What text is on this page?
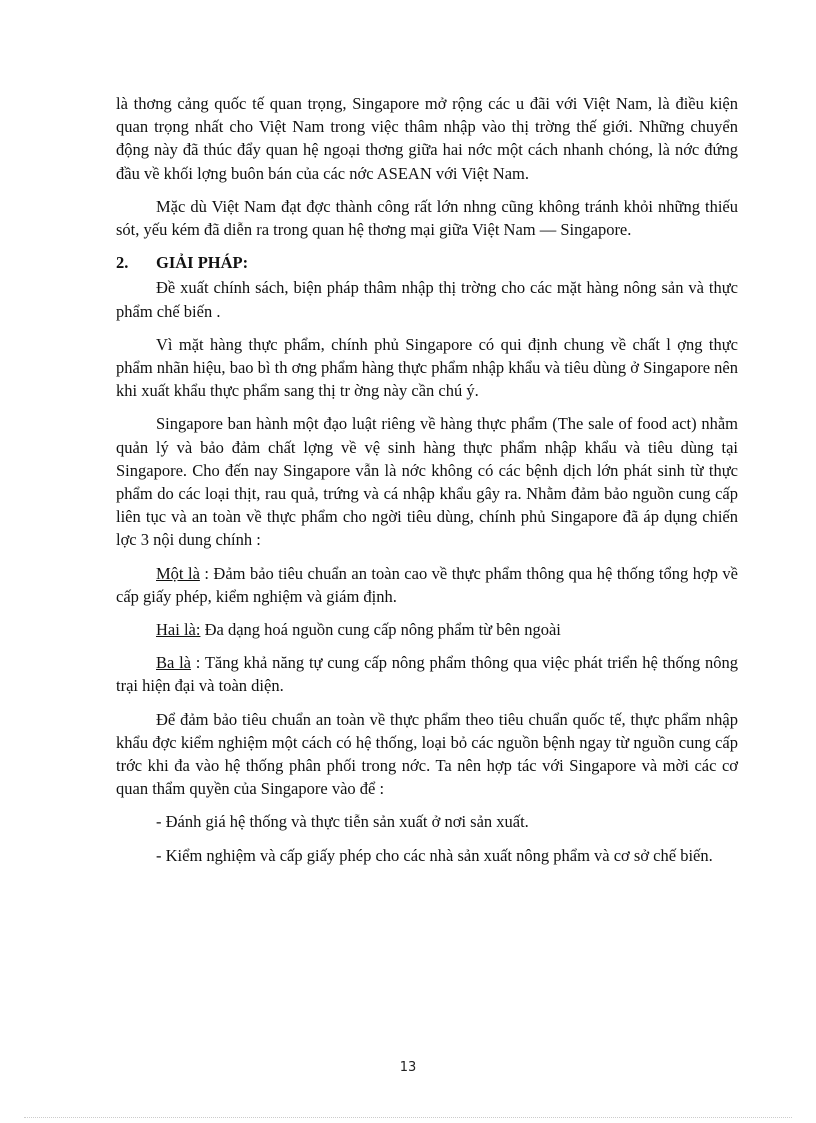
là thơng cảng quốc tế quan trọng, Singapore mở rộng các u đãi với Việt Nam, là điều kiện quan trọng nhất cho Việt Nam trong việc thâm nhập vào thị trờng thế giới. Những chuyển động này đã thúc đẩy quan hệ ngoại thơng giữa hai nớc một cách nhanh chóng, là nớc đứng đầu về khối lợng buôn bán của các nớc ASEAN với Việt Nam.

Mặc dù Việt Nam đạt đợc thành công rất lớn nhng cũng không tránh khỏi những thiếu sót, yếu kém đã diễn ra trong quan hệ thơng mại giữa Việt Nam — Singapore.

2.	GIẢI PHÁP:

Đề xuất chính sách, biện pháp thâm nhập thị trờng cho các mặt hàng nông sản và thực phẩm chế biến .

Vì mặt hàng thực phẩm, chính phủ Singapore có qui định chung về chất l ợng thực phẩm nhãn hiệu, bao bì th ơng phẩm hàng thực phẩm nhập khẩu và tiêu dùng ở Singapore nên khi xuất khẩu thực phẩm sang thị tr ờng này cần chú ý.

Singapore ban hành một đạo luật riêng về hàng thực phẩm (The sale of food act) nhằm quản lý và bảo đảm chất lợng về vệ sinh hàng thực phẩm nhập khẩu và tiêu dùng tại Singapore. Cho đến nay Singapore vẫn là nớc không có các bệnh dịch lớn phát sinh từ thực phẩm do các loại thịt, rau quả, trứng và cá nhập khẩu gây ra. Nhằm đảm bảo nguồn cung cấp liên tục và an toàn về thực phẩm cho ngời tiêu dùng, chính phủ Singapore đã áp dụng chiến lợc 3 nội dung chính :

Một là : Đảm bảo tiêu chuẩn an toàn cao về thực phẩm thông qua hệ thống tổng hợp về cấp giấy phép, kiểm nghiệm và giám định.

Hai là: Đa dạng hoá nguồn cung cấp nông phẩm từ bên ngoài

Ba là : Tăng khả năng tự cung cấp nông phẩm thông qua việc phát triển hệ thống nông trại hiện đại và toàn diện.

Để đảm bảo tiêu chuẩn an toàn về thực phẩm theo tiêu chuẩn quốc tế, thực phẩm nhập khẩu đợc kiểm nghiệm một cách có hệ thống, loại bỏ các nguồn bệnh ngay từ nguồn cung cấp trớc khi đa vào hệ thống phân phối trong nớc. Ta nên hợp tác với Singapore và mời các cơ quan thẩm quyền của Singapore vào để :

- Đánh giá hệ thống và thực tiễn sản xuất ở nơi sản xuất.

- Kiểm nghiệm và cấp giấy phép cho các nhà sản xuất nông phẩm và cơ sở chế biến.

13
